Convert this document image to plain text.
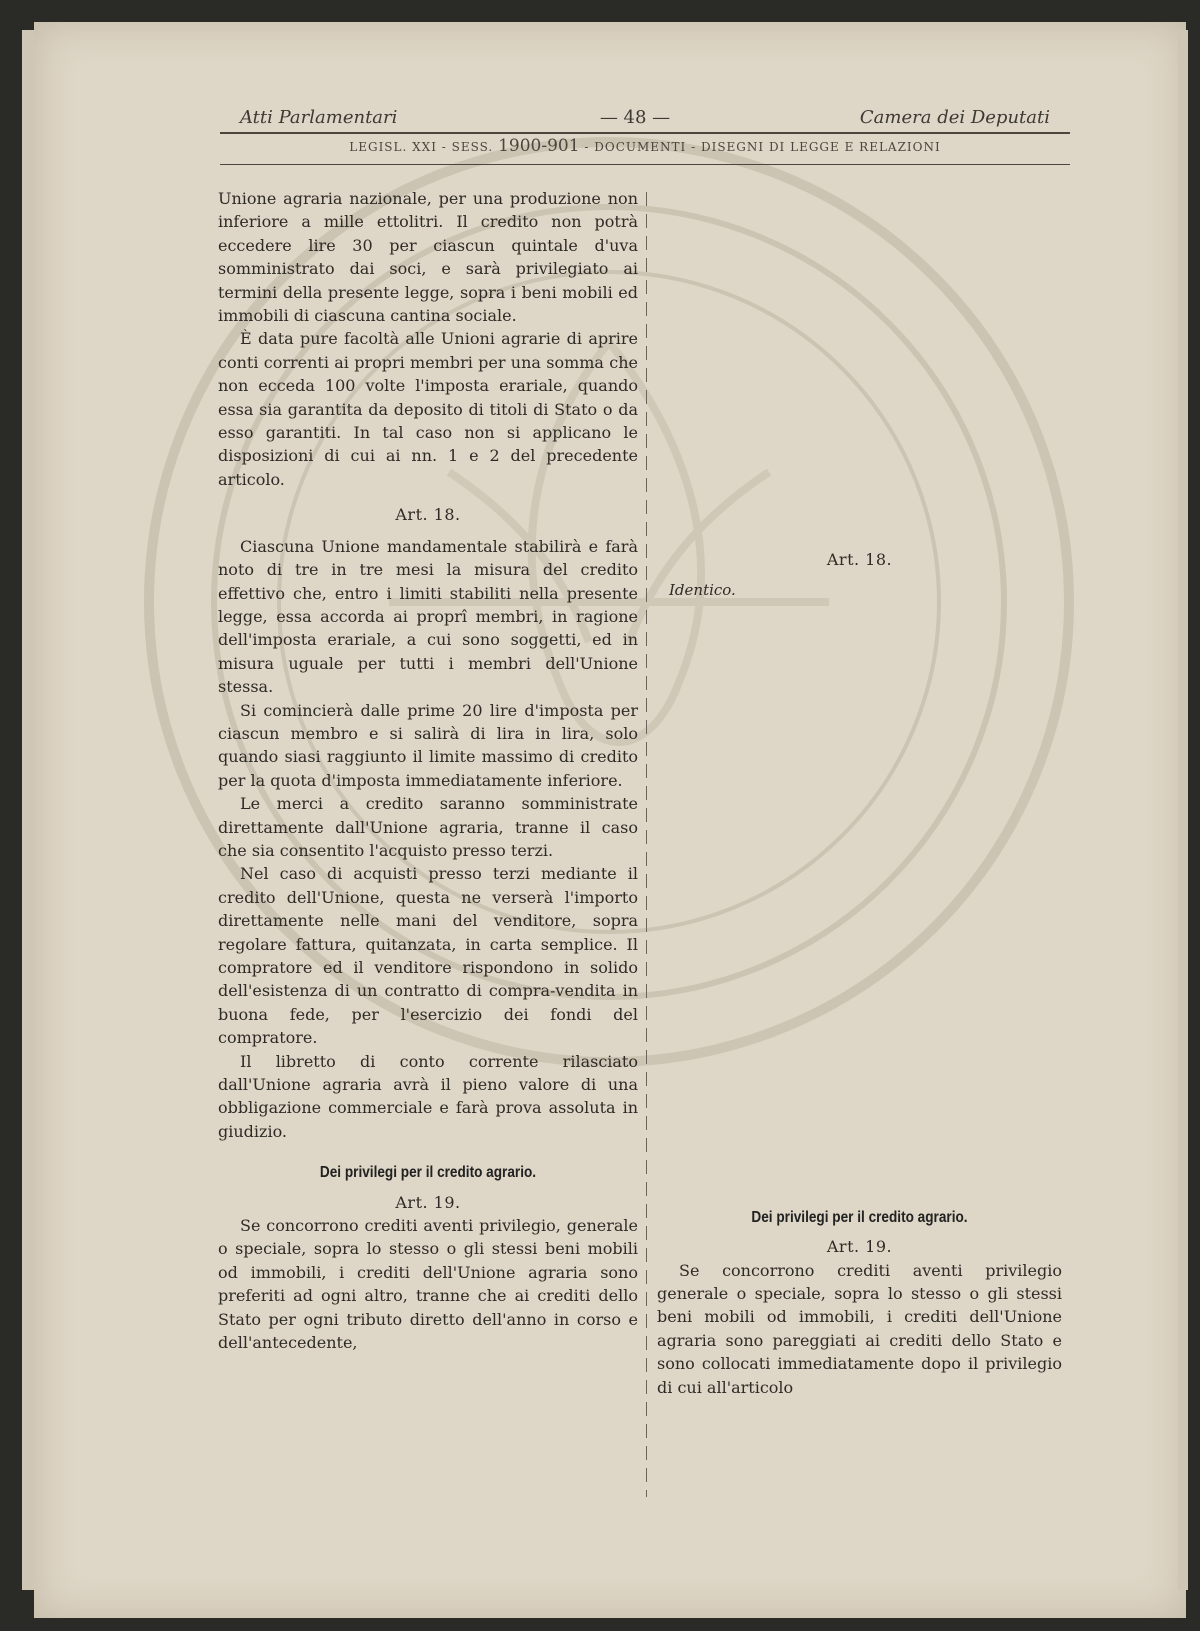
Atti Parlamentari	— 48 —	Camera dei Deputati
LEGISL. XXI - SESS. 1900-901 - DOCUMENTI - DISEGNI DI LEGGE E RELAZIONI

Unione agraria nazionale, per una produzione non inferiore a mille ettolitri. Il credito non potrà eccedere lire 30 per ciascun quintale d'uva somministrato dai soci, e sarà privilegiato ai termini della presente legge, sopra i beni mobili ed immobili di ciascuna cantina sociale.

È data pure facoltà alle Unioni agrarie di aprire conti correnti ai propri membri per una somma che non ecceda 100 volte l'imposta erariale, quando essa sia garantita da deposito di titoli di Stato o da esso garantiti. In tal caso non si applicano le disposizioni di cui ai nn. 1 e 2 del precedente articolo.

Art. 18.

Ciascuna Unione mandamentale stabilirà e farà noto di tre in tre mesi la misura del credito effettivo che, entro i limiti stabiliti nella presente legge, essa accorda ai proprî membri, in ragione dell'imposta erariale, a cui sono soggetti, ed in misura uguale per tutti i membri dell'Unione stessa.

Si comincierà dalle prime 20 lire d'imposta per ciascun membro e si salirà di lira in lira, solo quando siasi raggiunto il limite massimo di credito per la quota d'imposta immediatamente inferiore.

Le merci a credito saranno somministrate direttamente dall'Unione agraria, tranne il caso che sia consentito l'acquisto presso terzi.

Nel caso di acquisti presso terzi mediante il credito dell'Unione, questa ne verserà l'importo direttamente nelle mani del venditore, sopra regolare fattura, quitanzata, in carta semplice. Il compratore ed il venditore rispondono in solido dell'esistenza di un contratto di compra-vendita in buona fede, per l'esercizio dei fondi del compratore.

Il libretto di conto corrente rilasciato dall'Unione agraria avrà il pieno valore di una obbligazione commerciale e farà prova assoluta in giudizio.

Dei privilegi per il credito agrario.
Art. 19.

Se concorrono crediti aventi privilegio, generale o speciale, sopra lo stesso o gli stessi beni mobili od immobili, i crediti dell'Unione agraria sono preferiti ad ogni altro, tranne che ai crediti dello Stato per ogni tributo diretto dell'anno in corso e dell'antecedente,

Art. 18.
Identico.
Dei privilegi per il credito agrario.
Art. 19.

Se concorrono crediti aventi privilegio generale o speciale, sopra lo stesso o gli stessi beni mobili od immobili, i crediti dell'Unione agraria sono pareggiati ai crediti dello Stato e sono collocati immediatamente dopo il privilegio di cui all'articolo
